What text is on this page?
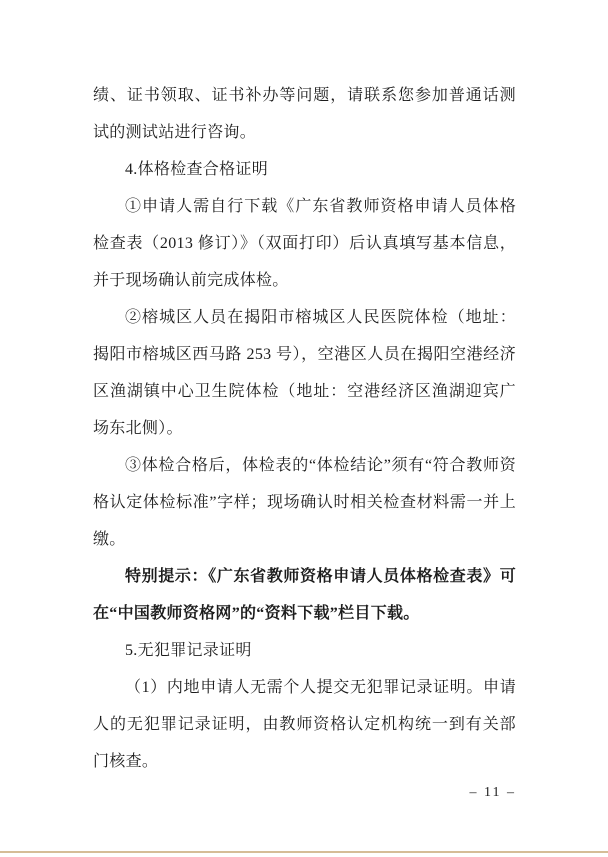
绩、证书领取、证书补办等问题，请联系您参加普通话测试的测试站进行咨询。

4.体格检查合格证明

①申请人需自行下载《广东省教师资格申请人员体格检查表（2013 修订）》（双面打印）后认真填写基本信息，并于现场确认前完成体检。

②榕城区人员在揭阳市榕城区人民医院体检（地址：揭阳市榕城区西马路 253 号），空港区人员在揭阳空港经济区渔湖镇中心卫生院体检（地址：空港经济区渔湖迎宾广场东北侧）。

③体检合格后，体检表的“体检结论”须有“符合教师资格认定体检标准”字样；现场确认时相关检查材料需一并上缴。

特别提示：《广东省教师资格申请人员体格检查表》可在“中国教师资格网”的“资料下载”栏目下载。

5.无犯罪记录证明

（1）内地申请人无需个人提交无犯罪记录证明。申请人的无犯罪记录证明，由教师资格认定机构统一到有关部门核查。

– 11 –
